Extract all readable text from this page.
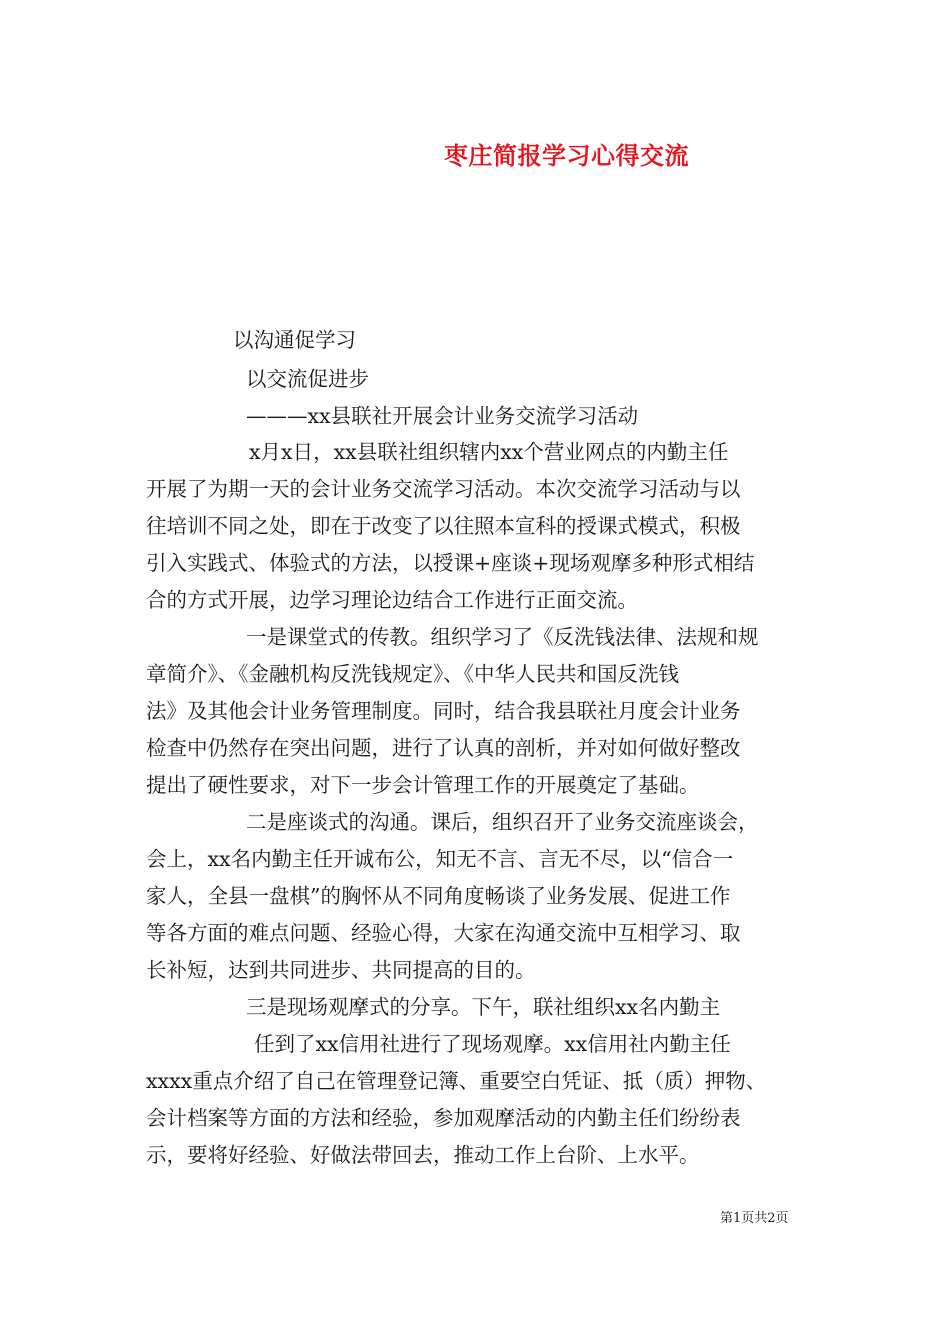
枣庄简报学习心得交流
以沟通促学习
以交流促进步
———xx县联社开展会计业务交流学习活动
x月x日，xx县联社组织辖内xx个营业网点的内勤主任
开展了为期一天的会计业务交流学习活动。本次交流学习活动与以
往培训不同之处，即在于改变了以往照本宣科的授课式模式，积极
引入实践式、体验式的方法，以授课+座谈+现场观摩多种形式相结
合的方式开展，边学习理论边结合工作进行正面交流。
一是课堂式的传教。组织学习了《反洗钱法律、法规和规
章简介》、《金融机构反洗钱规定》、《中华人民共和国反洗钱
法》及其他会计业务管理制度。同时，结合我县联社月度会计业务
检查中仍然存在突出问题，进行了认真的剖析，并对如何做好整改
提出了硬性要求，对下一步会计管理工作的开展奠定了基础。
二是座谈式的沟通。课后，组织召开了业务交流座谈会，
会上，xx名内勤主任开诚布公，知无不言、言无不尽，以“信合一
家人，全县一盘棋”的胸怀从不同角度畅谈了业务发展、促进工作
等各方面的难点问题、经验心得，大家在沟通交流中互相学习、取
长补短，达到共同进步、共同提高的目的。
三是现场观摩式的分享。下午，联社组织xx名内勤主
任到了xx信用社进行了现场观摩。xx信用社内勤主任
xxxx重点介绍了自己在管理登记簿、重要空白凭证、抵（质）押物、
会计档案等方面的方法和经验，参加观摩活动的内勤主任们纷纷表
示，要将好经验、好做法带回去，推动工作上台阶、上水平。
第1页共2页
